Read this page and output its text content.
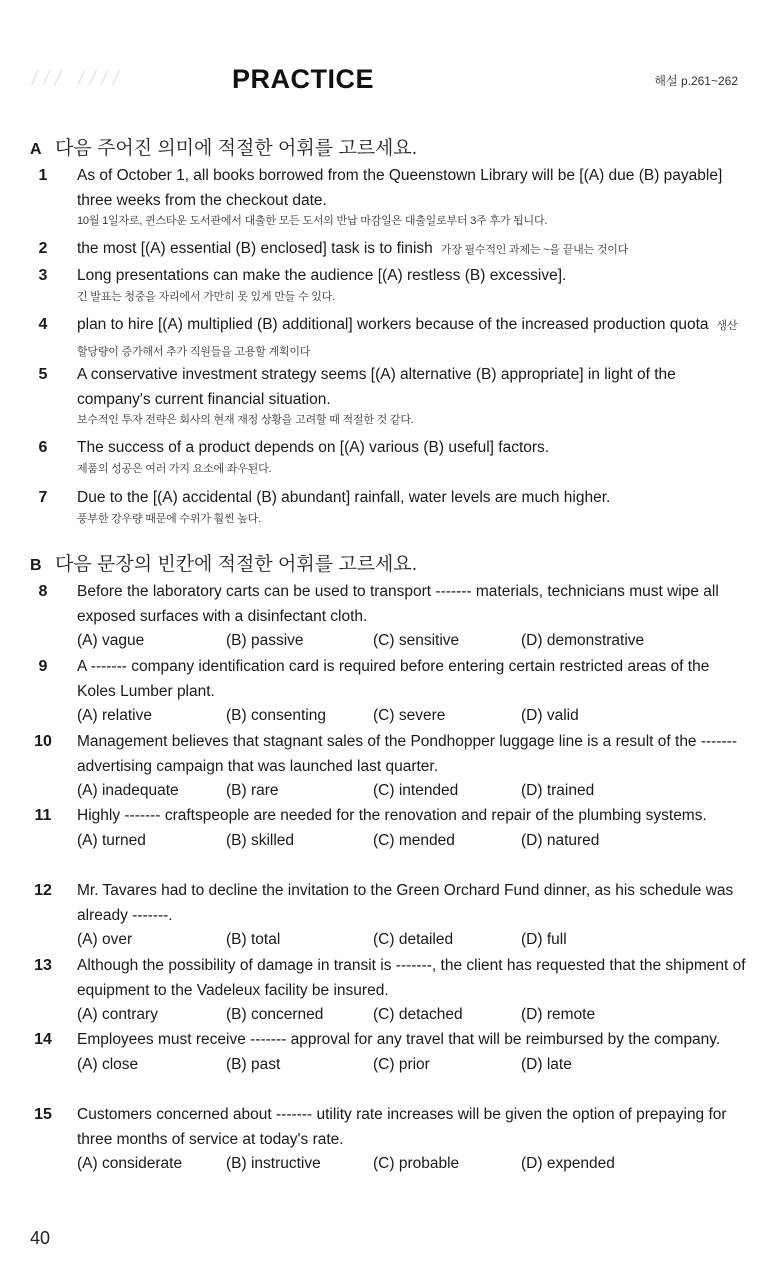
/// ////	PRACTICE	해설 p.261~262
A 다음 주어진 의미에 적절한 어휘를 고르세요.
1	As of October 1, all books borrowed from the Queenstown Library will be [(A) due (B) payable] three weeks from the checkout date.
10월 1일자로, 퀸스타운 도서관에서 대출한 모든 도서의 반납 마감일은 대출일로부터 3주 후가 됩니다.
2	the most [(A) essential (B) enclosed] task is to finish 가장 필수적인 과제는 ~을 끝내는 것이다
3	Long presentations can make the audience [(A) restless (B) excessive].
긴 발표는 청중을 자리에서 가만히 못 있게 만들 수 있다.
4	plan to hire [(A) multiplied (B) additional] workers because of the increased production quota 생산 할당량이 증가해서 추가 직원들을 고용할 계획이다
5	A conservative investment strategy seems [(A) alternative (B) appropriate] in light of the company's current financial situation.
보수적인 투자 전략은 회사의 현재 재정 상황을 고려할 때 적절한 것 같다.
6	The success of a product depends on [(A) various (B) useful] factors.
제품의 성공은 여러 가지 요소에 좌우된다.
7	Due to the [(A) accidental (B) abundant] rainfall, water levels are much higher.
풍부한 강우량 때문에 수위가 훨씬 높다.
B 다음 문장의 빈칸에 적절한 어휘를 고르세요.
8	Before the laboratory carts can be used to transport ------- materials, technicians must wipe all exposed surfaces with a disinfectant cloth.
(A) vague	(B) passive	(C) sensitive	(D) demonstrative
9	A ------- company identification card is required before entering certain restricted areas of the Koles Lumber plant.
(A) relative	(B) consenting	(C) severe	(D) valid
10 Management believes that stagnant sales of the Pondhopper luggage line is a result of the ------- advertising campaign that was launched last quarter.
(A) inadequate	(B) rare	(C) intended	(D) trained
11 Highly ------- craftspeople are needed for the renovation and repair of the plumbing systems.
(A) turned	(B) skilled	(C) mended	(D) natured
12 Mr. Tavares had to decline the invitation to the Green Orchard Fund dinner, as his schedule was already -------.
(A) over	(B) total	(C) detailed	(D) full
13 Although the possibility of damage in transit is -------, the client has requested that the shipment of equipment to the Vadeleux facility be insured.
(A) contrary	(B) concerned	(C) detached	(D) remote
14 Employees must receive ------- approval for any travel that will be reimbursed by the company.
(A) close	(B) past	(C) prior	(D) late
15 Customers concerned about ------- utility rate increases will be given the option of prepaying for three months of service at today's rate.
(A) considerate	(B) instructive	(C) probable	(D) expended
40
